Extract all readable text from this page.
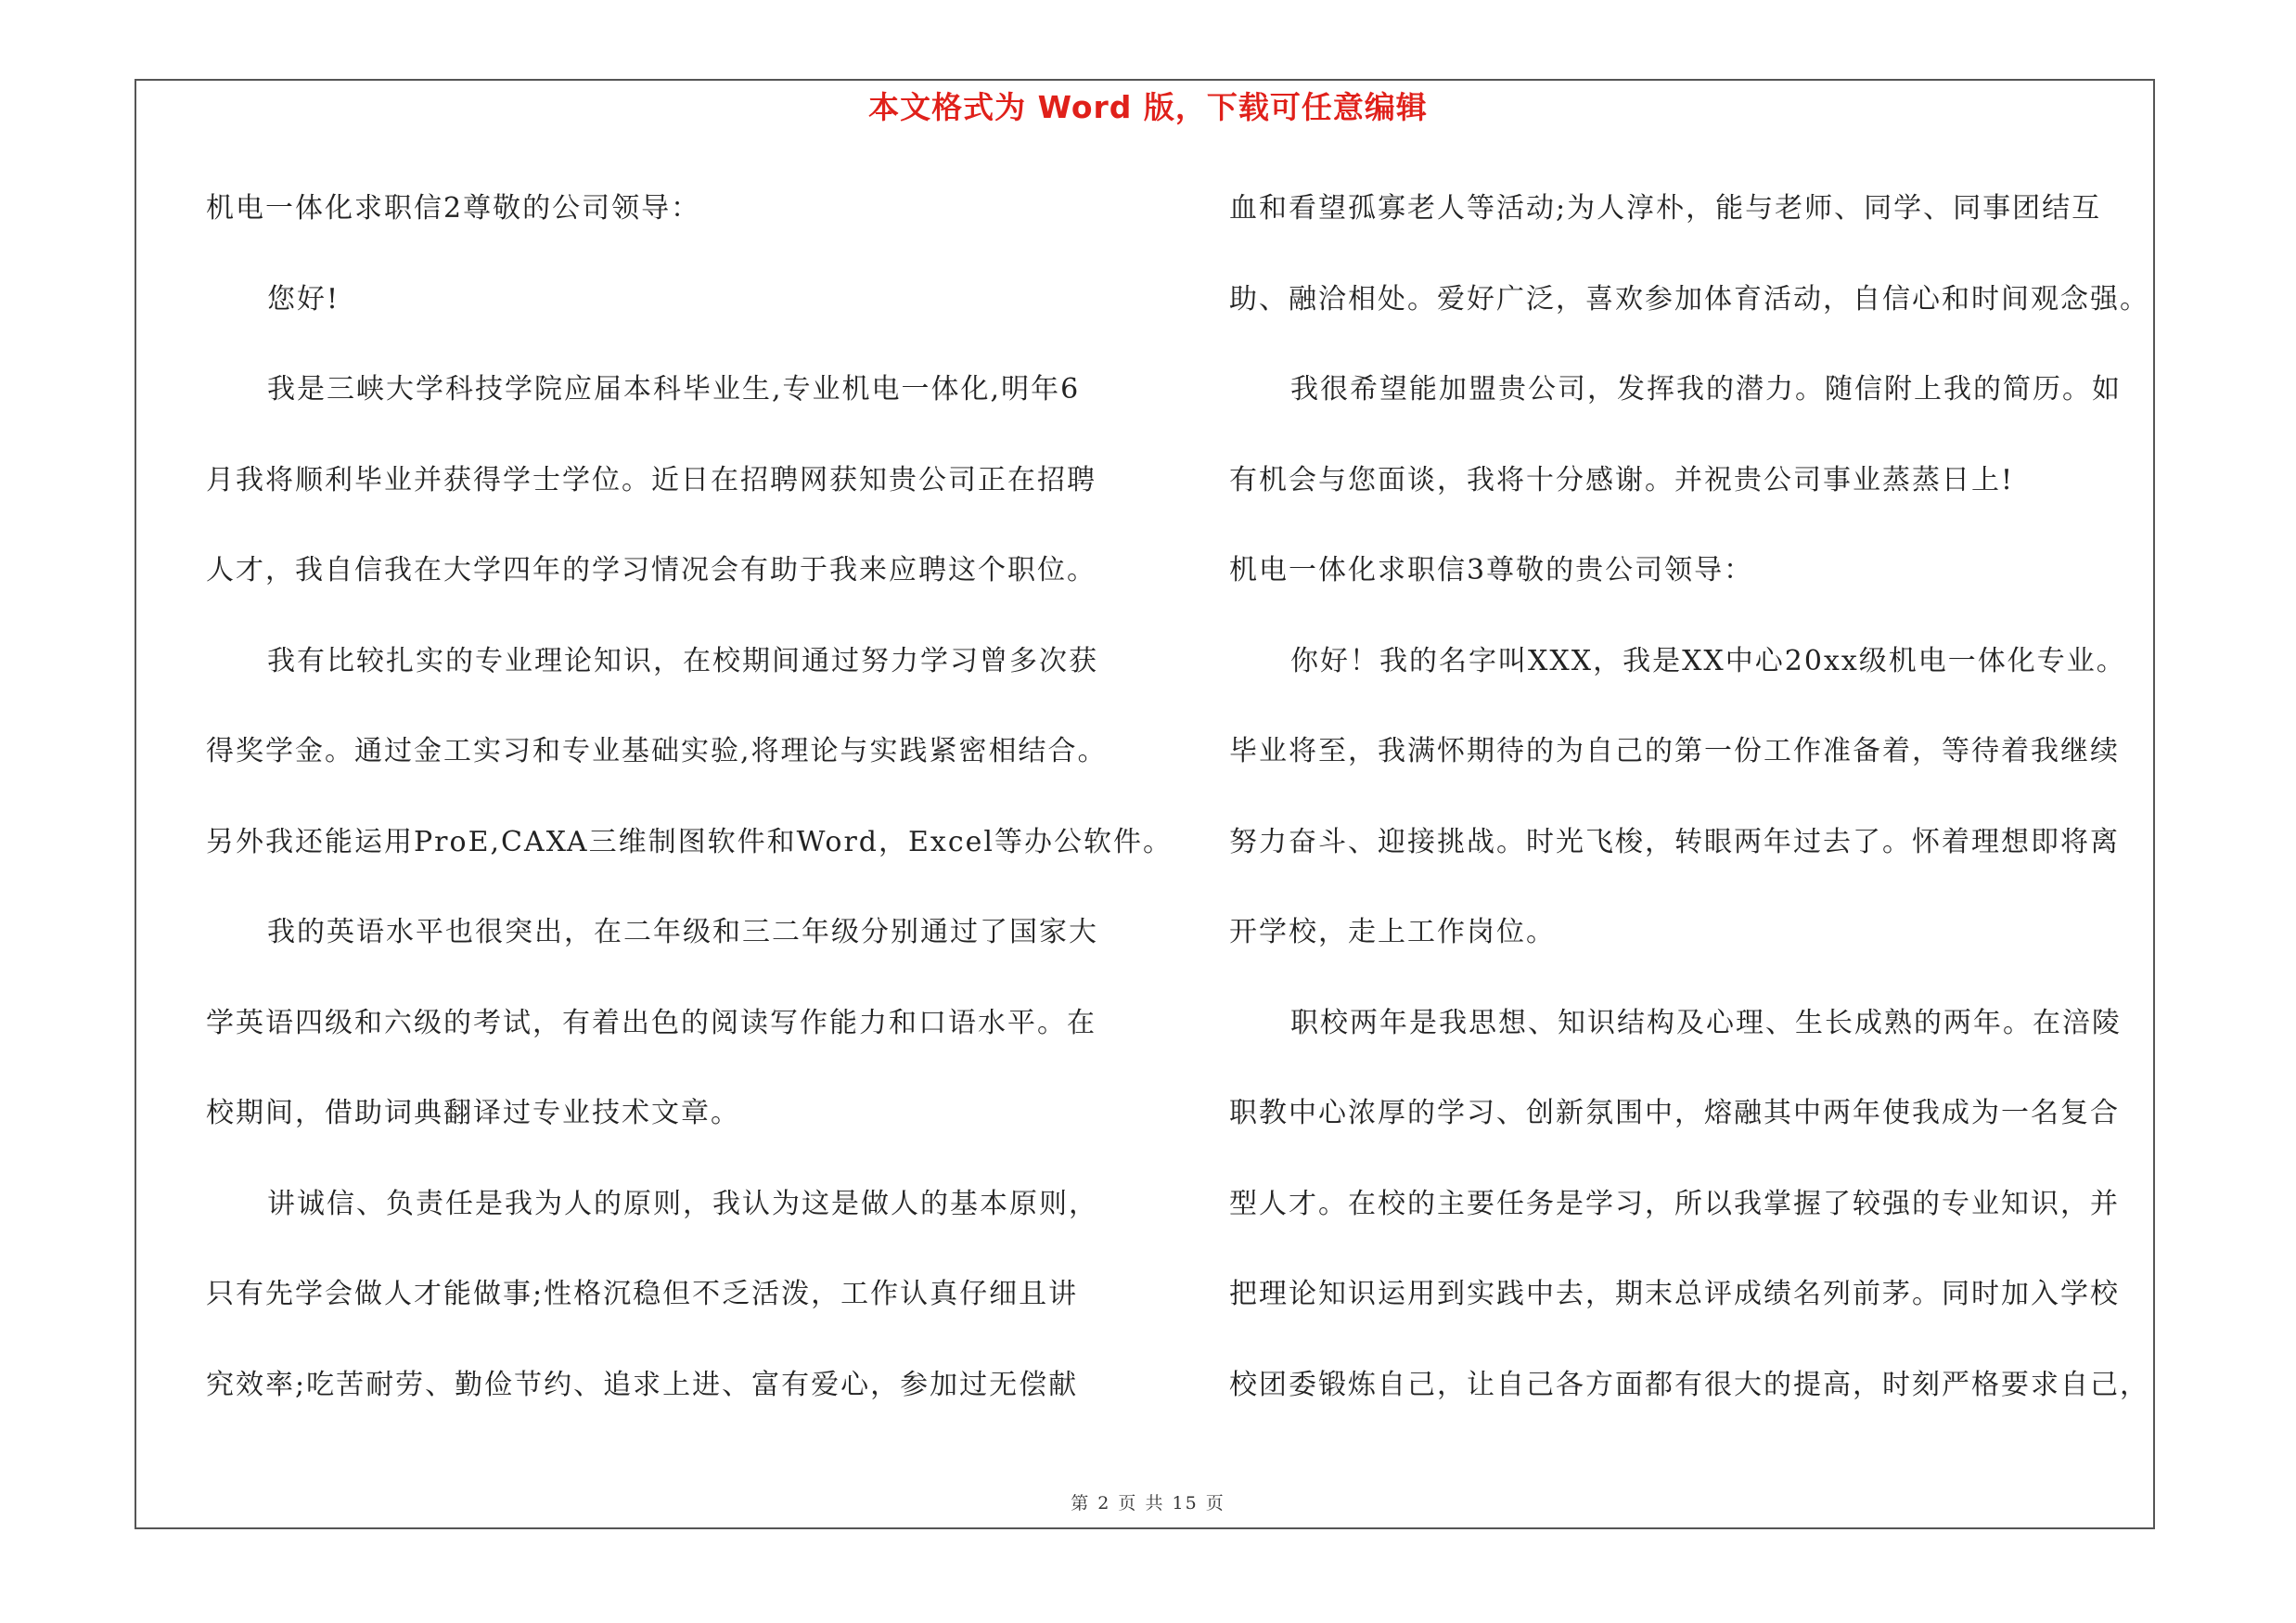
本文格式为 Word 版，下载可任意编辑
机电一体化求职信2尊敬的公司领导：
您好!
我是三峡大学科技学院应届本科毕业生,专业机电一体化,明年6
月我将顺利毕业并获得学士学位。近日在招聘网获知贵公司正在招聘
人才，我自信我在大学四年的学习情况会有助于我来应聘这个职位。
我有比较扎实的专业理论知识，在校期间通过努力学习曾多次获
得奖学金。通过金工实习和专业基础实验,将理论与实践紧密相结合。
另外我还能运用ProE,CAXA三维制图软件和Word，Excel等办公软件。
我的英语水平也很突出，在二年级和三二年级分别通过了国家大
学英语四级和六级的考试，有着出色的阅读写作能力和口语水平。在
校期间，借助词典翻译过专业技术文章。
讲诚信、负责任是我为人的原则，我认为这是做人的基本原则，
只有先学会做人才能做事;性格沉稳但不乏活泼，工作认真仔细且讲
究效率;吃苦耐劳、勤俭节约、追求上进、富有爱心，参加过无偿献
血和看望孤寡老人等活动;为人淳朴，能与老师、同学、同事团结互
助、融洽相处。爱好广泛，喜欢参加体育活动，自信心和时间观念强。
我很希望能加盟贵公司，发挥我的潜力。随信附上我的简历。如
有机会与您面谈，我将十分感谢。并祝贵公司事业蒸蒸日上!
机电一体化求职信3尊敬的贵公司领导：
你好！我的名字叫XXX，我是XX中心20xx级机电一体化专业。
毕业将至，我满怀期待的为自己的第一份工作准备着，等待着我继续
努力奋斗、迎接挑战。时光飞梭，转眼两年过去了。怀着理想即将离
开学校，走上工作岗位。
职校两年是我思想、知识结构及心理、生长成熟的两年。在涪陵
职教中心浓厚的学习、创新氛围中，熔融其中两年使我成为一名复合
型人才。在校的主要任务是学习，所以我掌握了较强的专业知识，并
把理论知识运用到实践中去，期末总评成绩名列前茅。同时加入学校
校团委锻炼自己，让自己各方面都有很大的提高，时刻严格要求自己，
第 2 页 共 15 页
